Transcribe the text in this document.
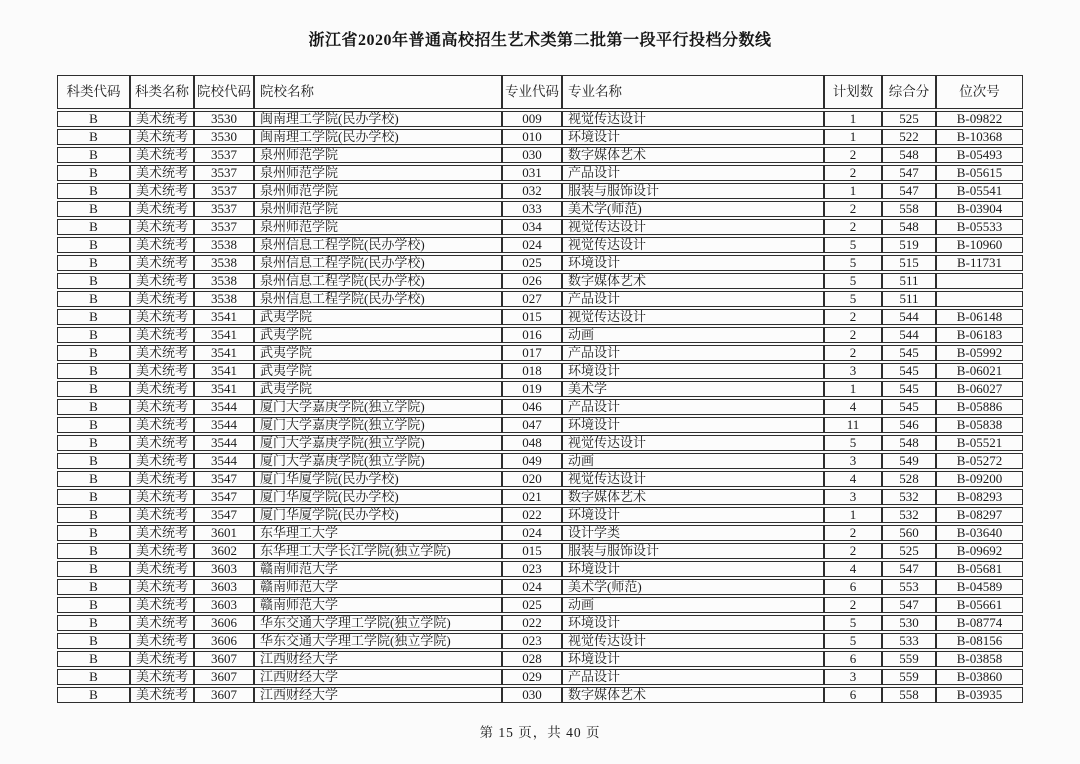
浙江省2020年普通高校招生艺术类第二批第一段平行投档分数线
科类代码	科类名称	院校代码	院校名称	专业代码	专业名称	计划数	综合分	位次号
B	美术统考	3530	闽南理工学院(民办学校)	009	视觉传达设计	1	525	B-09822
B	美术统考	3530	闽南理工学院(民办学校)	010	环境设计	1	522	B-10368
B	美术统考	3537	泉州师范学院	030	数字媒体艺术	2	548	B-05493
B	美术统考	3537	泉州师范学院	031	产品设计	2	547	B-05615
B	美术统考	3537	泉州师范学院	032	服装与服饰设计	1	547	B-05541
B	美术统考	3537	泉州师范学院	033	美术学(师范)	2	558	B-03904
B	美术统考	3537	泉州师范学院	034	视觉传达设计	2	548	B-05533
B	美术统考	3538	泉州信息工程学院(民办学校)	024	视觉传达设计	5	519	B-10960
B	美术统考	3538	泉州信息工程学院(民办学校)	025	环境设计	5	515	B-11731
B	美术统考	3538	泉州信息工程学院(民办学校)	026	数字媒体艺术	5	511	
B	美术统考	3538	泉州信息工程学院(民办学校)	027	产品设计	5	511	
B	美术统考	3541	武夷学院	015	视觉传达设计	2	544	B-06148
B	美术统考	3541	武夷学院	016	动画	2	544	B-06183
B	美术统考	3541	武夷学院	017	产品设计	2	545	B-05992
B	美术统考	3541	武夷学院	018	环境设计	3	545	B-06021
B	美术统考	3541	武夷学院	019	美术学	1	545	B-06027
B	美术统考	3544	厦门大学嘉庚学院(独立学院)	046	产品设计	4	545	B-05886
B	美术统考	3544	厦门大学嘉庚学院(独立学院)	047	环境设计	11	546	B-05838
B	美术统考	3544	厦门大学嘉庚学院(独立学院)	048	视觉传达设计	5	548	B-05521
B	美术统考	3544	厦门大学嘉庚学院(独立学院)	049	动画	3	549	B-05272
B	美术统考	3547	厦门华厦学院(民办学校)	020	视觉传达设计	4	528	B-09200
B	美术统考	3547	厦门华厦学院(民办学校)	021	数字媒体艺术	3	532	B-08293
B	美术统考	3547	厦门华厦学院(民办学校)	022	环境设计	1	532	B-08297
B	美术统考	3601	东华理工大学	024	设计学类	2	560	B-03640
B	美术统考	3602	东华理工大学长江学院(独立学院)	015	服装与服饰设计	2	525	B-09692
B	美术统考	3603	赣南师范大学	023	环境设计	4	547	B-05681
B	美术统考	3603	赣南师范大学	024	美术学(师范)	6	553	B-04589
B	美术统考	3603	赣南师范大学	025	动画	2	547	B-05661
B	美术统考	3606	华东交通大学理工学院(独立学院)	022	环境设计	5	530	B-08774
B	美术统考	3606	华东交通大学理工学院(独立学院)	023	视觉传达设计	5	533	B-08156
B	美术统考	3607	江西财经大学	028	环境设计	6	559	B-03858
B	美术统考	3607	江西财经大学	029	产品设计	3	559	B-03860
B	美术统考	3607	江西财经大学	030	数字媒体艺术	6	558	B-03935
第 15 页，共 40 页
